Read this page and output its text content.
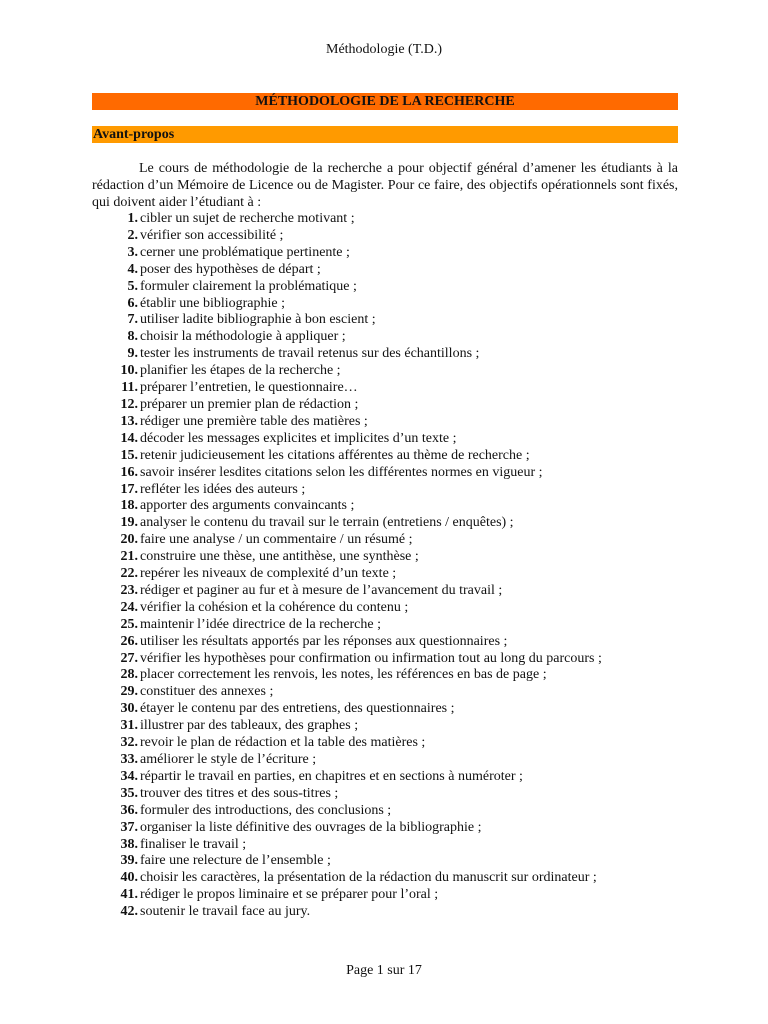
Méthodologie (T.D.)
MÉTHODOLOGIE DE LA RECHERCHE
Avant-propos

Le cours de méthodologie de la recherche a pour objectif général d’amener les étudiants à la rédaction d’un Mémoire de Licence ou de Magister. Pour ce faire, des objectifs opérationnels sont fixés, qui doivent aider l’étudiant à :

1. cibler un sujet de recherche motivant ;
2. vérifier son accessibilité ;
3. cerner une problématique pertinente ;
4. poser des hypothèses de départ ;
5. formuler clairement la problématique ;
6. établir une bibliographie ;
7. utiliser ladite bibliographie à bon escient ;
8. choisir la méthodologie à appliquer ;
9. tester les instruments de travail retenus sur des échantillons ;
10. planifier les étapes de la recherche ;
11. préparer l’entretien, le questionnaire…
12. préparer un premier plan de rédaction ;
13. rédiger une première table des matières ;
14. décoder les messages explicites et implicites d’un texte ;
15. retenir judicieusement les citations afférentes au thème de recherche ;
16. savoir insérer lesdites citations selon les différentes normes en vigueur ;
17. refléter les idées des auteurs ;
18. apporter des arguments convaincants ;
19. analyser le contenu du travail sur le terrain (entretiens / enquêtes) ;
20. faire une analyse / un commentaire / un résumé ;
21. construire une thèse, une antithèse, une synthèse ;
22. repérer les niveaux de complexité d’un texte ;
23. rédiger et paginer au fur et à mesure de l’avancement du travail ;
24. vérifier la cohésion et la cohérence du contenu ;
25. maintenir l’idée directrice de la recherche ;
26. utiliser les résultats apportés par les réponses aux questionnaires ;
27. vérifier les hypothèses pour confirmation ou infirmation tout au long du parcours ;
28. placer correctement les renvois, les notes, les références en bas de page ;
29. constituer des annexes ;
30. étayer le contenu par des entretiens, des questionnaires ;
31. illustrer par des tableaux, des graphes ;
32. revoir le plan de rédaction et la table des matières ;
33. améliorer le style de l’écriture ;
34. répartir le travail en parties, en chapitres et en sections à numéroter ;
35. trouver des titres et des sous-titres ;
36. formuler des introductions, des conclusions ;
37. organiser la liste définitive des ouvrages de la bibliographie ;
38. finaliser le travail ;
39. faire une relecture de l’ensemble ;
40. choisir les caractères, la présentation de la rédaction du manuscrit sur ordinateur ;
41. rédiger le propos liminaire et se préparer pour l’oral ;
42. soutenir le travail face au jury.
Page 1 sur 17
